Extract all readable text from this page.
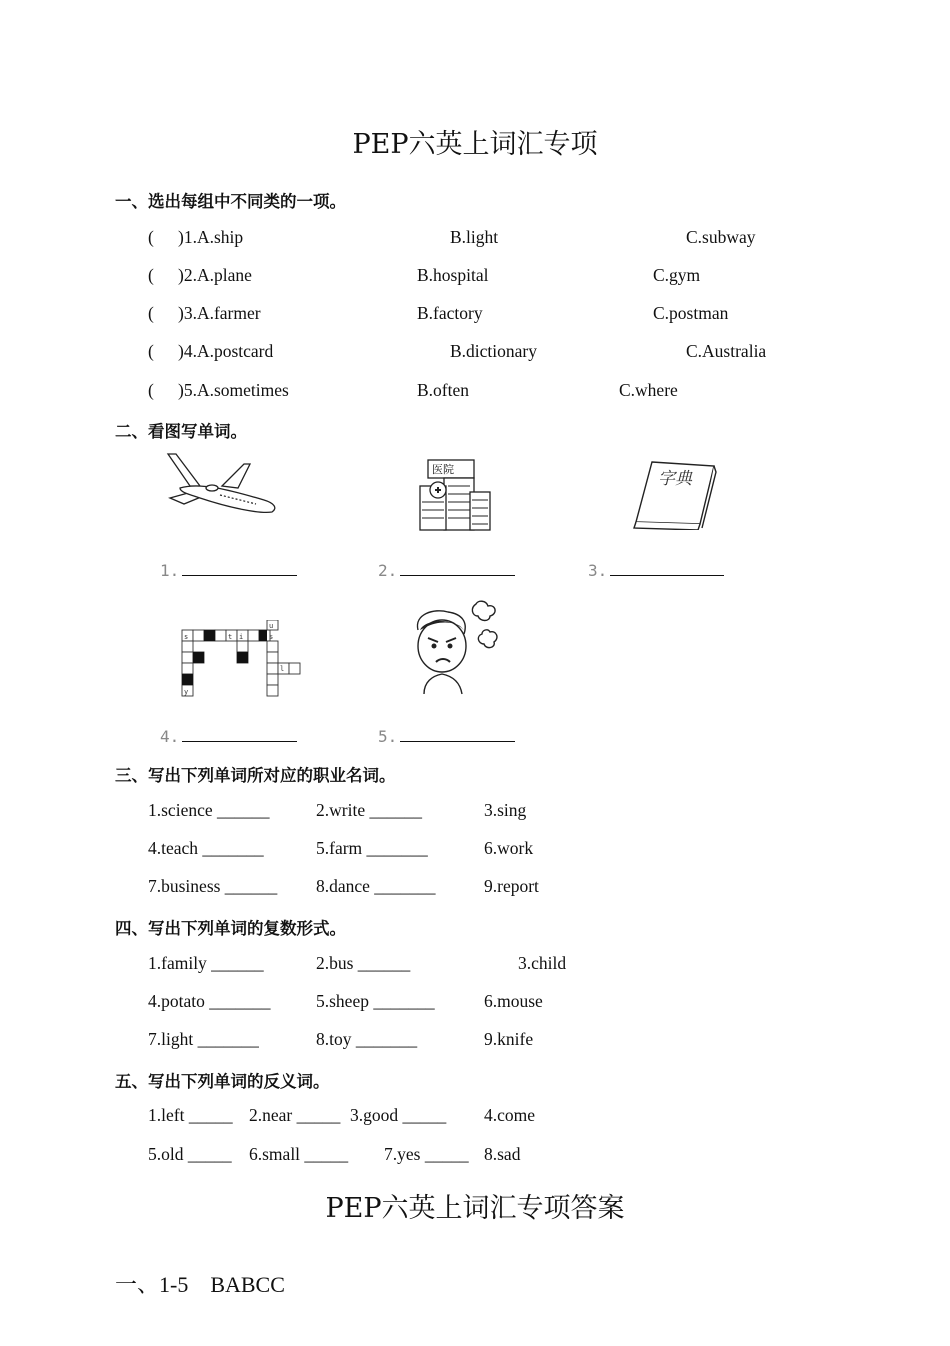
PEP六英上词汇专项
一、选出每组中不同类的一项。
( )1.A.ship	B.light	C.subway
( )2.A.plane	B.hospital	C.gym
( )3.A.farmer	B.factory	C.postman
( )4.A.postcard	B.dictionary	C.Australia
( )5.A.sometimes	B.often	C.where
二、看图写单词。
医院	字典
1.	2.	3.
s	t i
u
s
l
y
4.	5.
三、写出下列单词所对应的职业名词。
1.science ______	2.write ______	3.sing
4.teach _______	5.farm _______	6.work
7.business ______ 8.dance _______	9.report
四、写出下列单词的复数形式。
1.family ______	2.bus ______	3.child
4.potato _______	5.sheep _______	6.mouse
7.light _______	8.toy _______	9.knife
五、写出下列单词的反义词。
1.left _____ 2.near _____ 3.good _____ 4.come
5.old _____ 6.small _____ 7.yes _____ 8.sad
PEP六英上词汇专项答案
一、1-5    BABCC
